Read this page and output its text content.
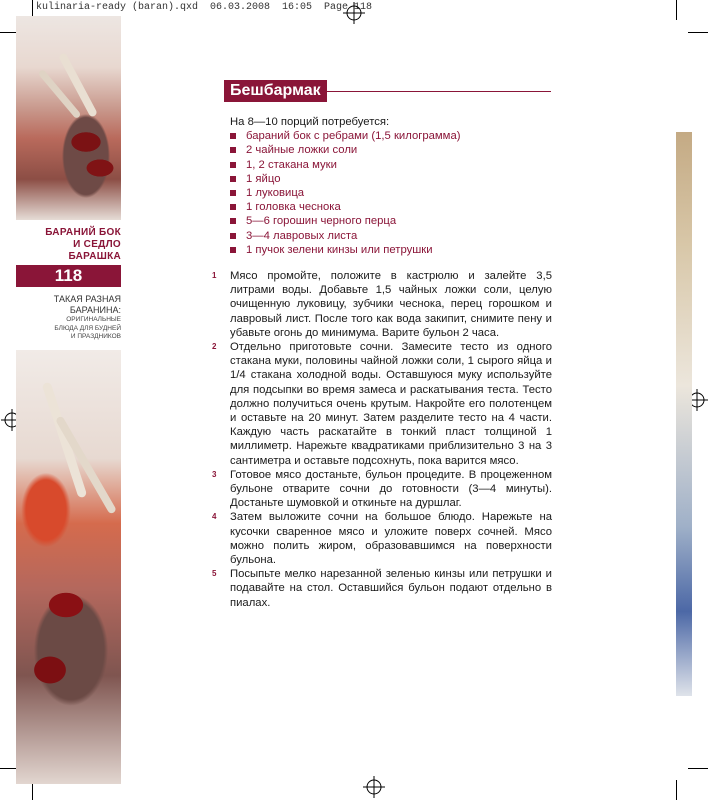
kulinaria-ready (baran).qxd  06.03.2008  16:05  Page 118
БАРАНИЙ БОК
И СЕДЛО
БАРАШКА
118
ТАКАЯ РАЗНАЯ
БАРАНИНА:
ОРИГИНАЛЬНЫЕ
БЛЮДА ДЛЯ БУДНЕЙ
И ПРАЗДНИКОВ
Бешбармак
На 8—10 порций потребуется:
бараний бок с ребрами (1,5 килограмма)
2 чайные ложки соли
1, 2 стакана муки
1 яйцо
1 луковица
1 головка чеснока
5—6 горошин черного перца
3—4 лавровых листа
1 пучок зелени кинзы или петрушки
1 Мясо промойте, положите в кастрюлю и залейте 3,5 литрами воды. Добавьте 1,5 чайных ложки соли, целую очищенную луковицу, зубчики чеснока, перец горошком и лавровый лист. После того как вода закипит, снимите пену и убавьте огонь до минимума. Варите бульон 2 часа.
2 Отдельно приготовьте сочни. Замесите тесто из одного стакана муки, половины чайной ложки соли, 1 сырого яйца и 1/4 стакана холодной воды. Оставшуюся муку используйте для подсыпки во время замеса и раскатывания теста. Тесто должно получиться очень крутым. Накройте его полотенцем и оставьте на 20 минут. Затем разделите тесто на 4 части. Каждую часть раскатайте в тонкий пласт толщиной 1 миллиметр. Нарежьте квадратиками приблизительно 3 на 3 сантиметра и оставьте подсохнуть, пока варится мясо.
3 Готовое мясо достаньте, бульон процедите. В процеженном бульоне отварите сочни до готовности (3—4 минуты). Достаньте шумовкой и откиньте на дуршлаг.
4 Затем выложите сочни на большое блюдо. Нарежьте на кусочки сваренное мясо и уложите поверх сочней. Мясо можно полить жиром, образовавшимся на поверхности бульона.
5 Посыпьте мелко нарезанной зеленью кинзы или петрушки и подавайте на стол. Оставшийся бульон подают отдельно в пиалах.
